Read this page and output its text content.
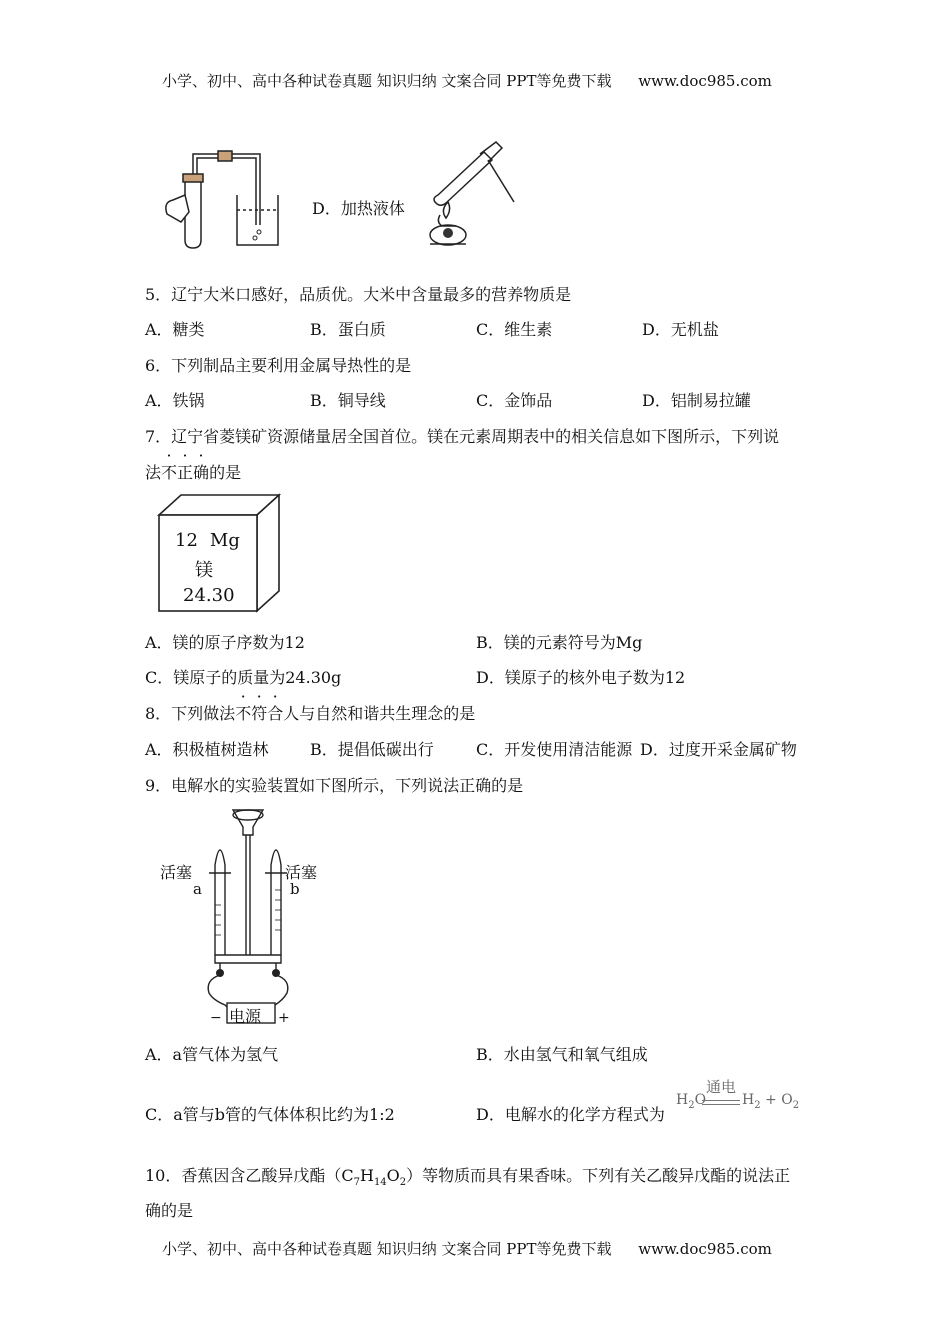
小学、初中、高中各种试卷真题 知识归纳 文案合同 PPT等免费下载 www.doc985.com
D．加热液体
5．辽宁大米口感好，品质优。大米中含量最多的营养物质是
A．糖类	B．蛋白质	C．维生素	D．无机盐
6．下列制品主要利用金属导热性的是
A．铁锅	B．铜导线	C．金饰品	D．铝制易拉罐
7．辽宁省菱镁矿资源储量居全国首位。镁在元素周期表中的相关信息如下图所示，下列说
法不正确的是
12 Mg
镁
24.30
A．镁的原子序数为12	B．镁的元素符号为Mg
C．镁原子的质量为24.30g	D．镁原子的核外电子数为12
8．下列做法不符合人与自然和谐共生理念的是
A．积极植树造林	B．提倡低碳出行	C．开发使用清洁能源 D．过度开采金属矿物
9．电解水的实验装置如下图所示，下列说法正确的是
活塞	活塞
a	b
电源
−	+
A．a管气体为氢气	B．水由氢气和氧气组成
C．a管与b管的气体体积比约为1:2	D．电解水的化学方程式为
通电
$H_2O$	$H_2 + O_2$
10．香蕉因含乙酸异戊酯$(C_7H_{14}O_2)$等物质而具有果香味。下列有关乙酸异戊酯的说法正
确的是
小学、初中、高中各种试卷真题 知识归纳 文案合同 PPT等免费下载 www.doc985.com
